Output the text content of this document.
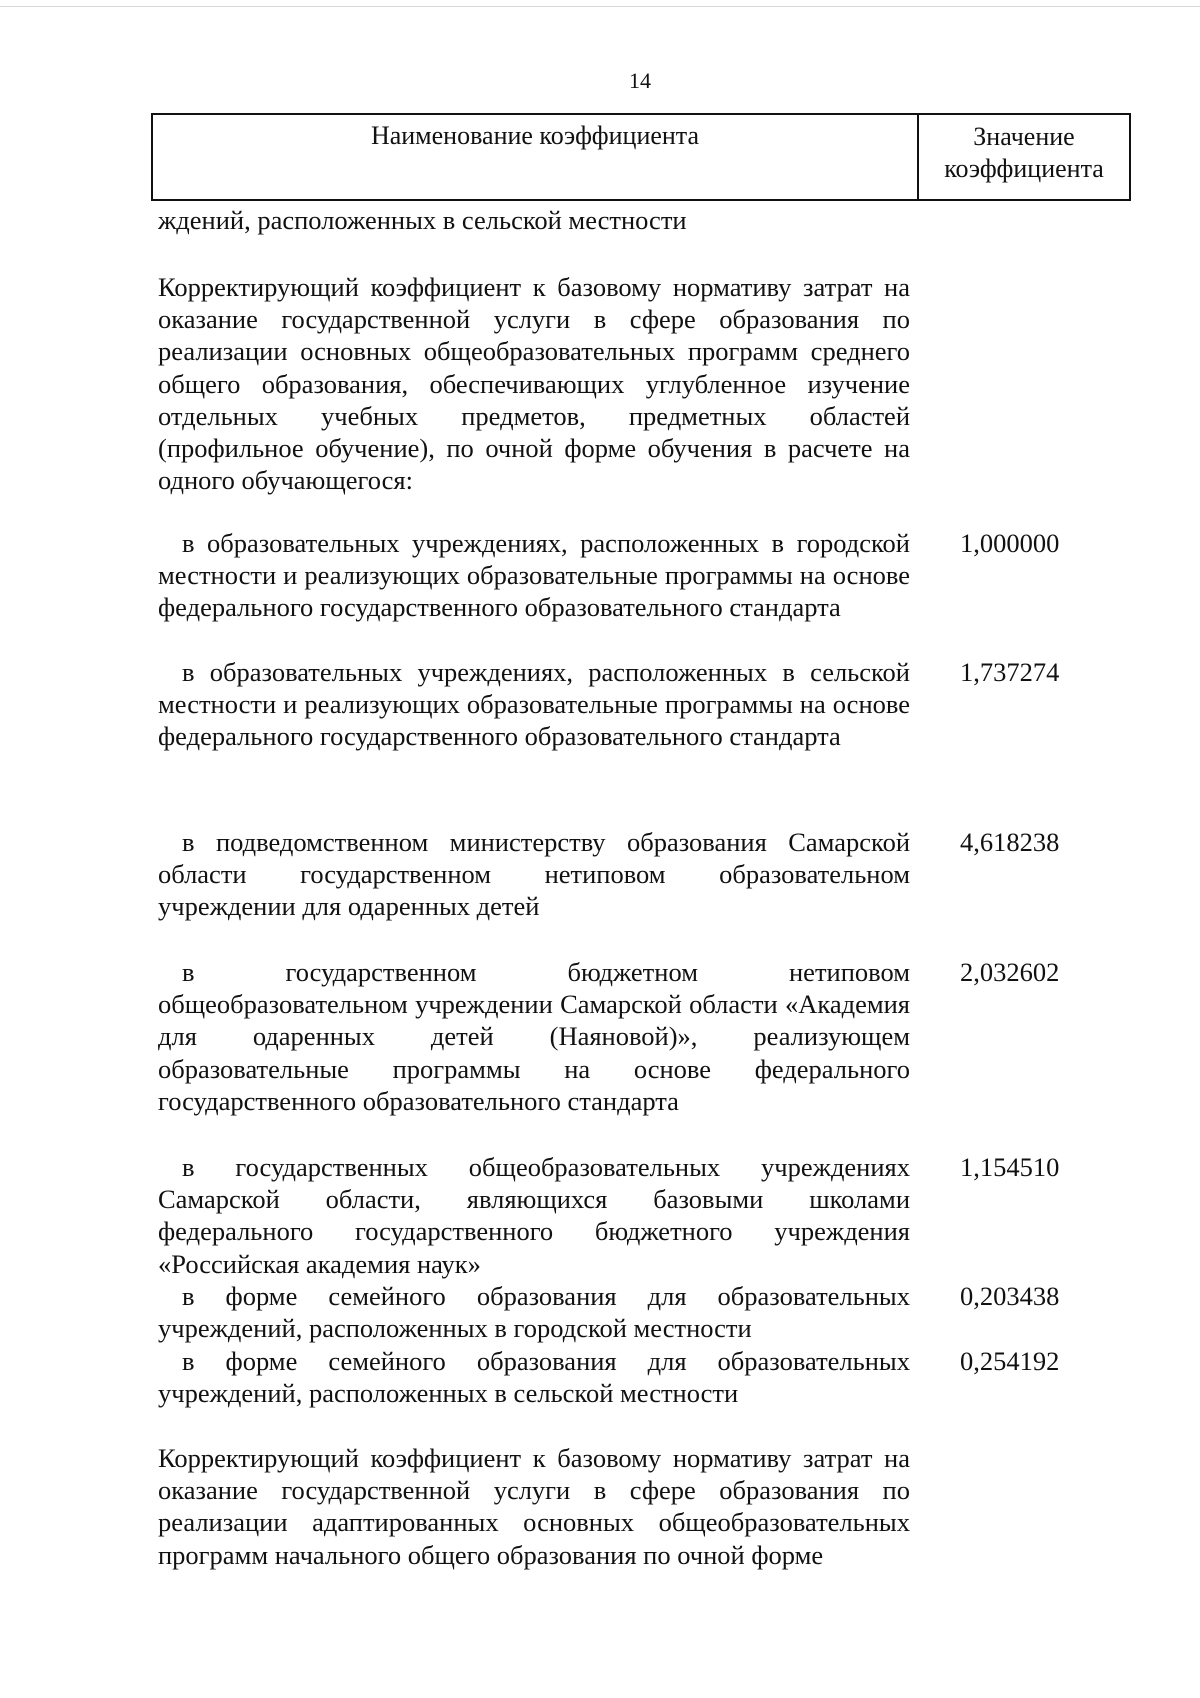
14
Наименование коэффициента	Значение
коэффициента
ждений, расположенных в сельской местности
Корректирующий коэффициент к базовому нормативу затрат на оказание государственной услуги в сфере образования по реализации основных общеобразовательных программ среднего общего образования, обеспечивающих углубленное изучение отдельных учебных предметов, предметных областей (профильное обучение), по очной форме обучения в расчете на одного обучающегося:
в образовательных учреждениях, расположенных в городской местности и реализующих образовательные программы на основе федерального государственного образовательного стандарта
1,000000
в образовательных учреждениях, расположенных в сельской местности и реализующих образовательные программы на основе федерального государственного образовательного стандарта
1,737274
в подведомственном министерству образования Самарской области государственном нетиповом образовательном учреждении для одаренных детей
4,618238
в государственном бюджетном нетиповом общеобразовательном учреждении Самарской области «Академия для одаренных детей (Наяновой)», реализующем образовательные программы на основе федерального государственного образовательного стандарта
2,032602
в государственных общеобразовательных учреждениях Самарской области, являющихся базовыми школами федерального государственного бюджетного учреждения «Российская академия наук»
1,154510
в форме семейного образования для образовательных учреждений, расположенных в городской местности
0,203438
в форме семейного образования для образовательных учреждений, расположенных в сельской местности
0,254192
Корректирующий коэффициент к базовому нормативу затрат на оказание государственной услуги в сфере образования по реализации адаптированных основных общеобразовательных программ начального общего образования по очной форме
